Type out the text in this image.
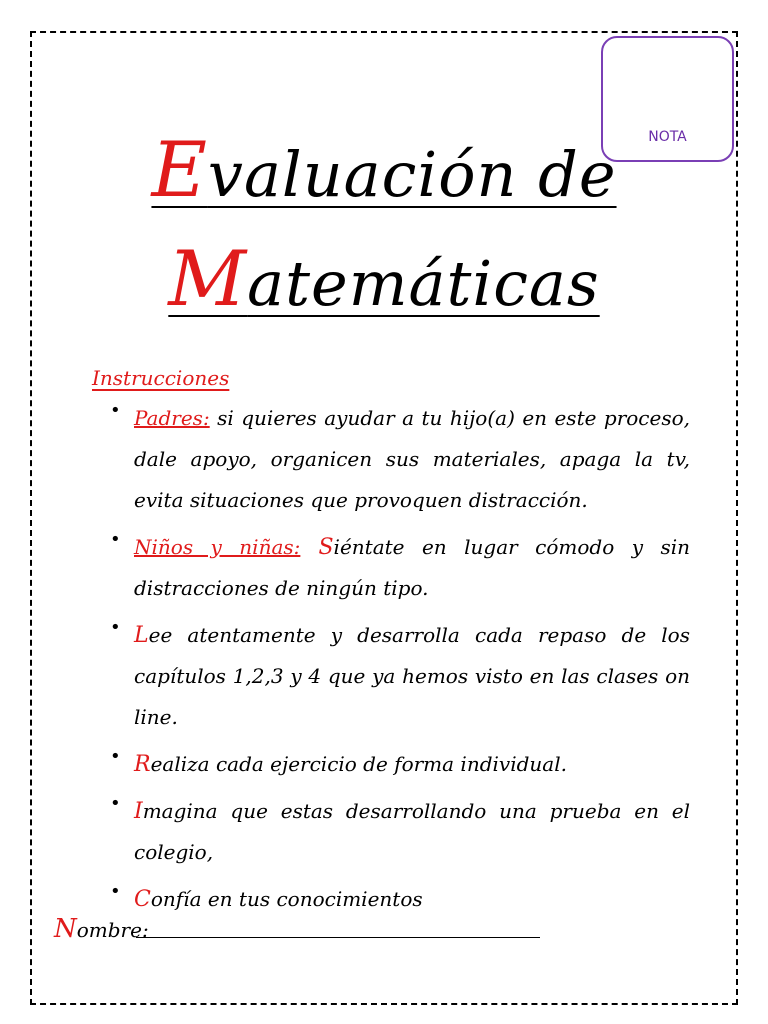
NOTA
Evaluación de
Matemáticas
Instrucciones
• Padres: si quieres ayudar a tu hijo(a) en este proceso, dale apoyo, organicen sus materiales, apaga la tv, evita situaciones que provoquen distracción.
• Niños y niñas: Siéntate en lugar cómodo y sin distracciones de ningún tipo.
• Lee atentamente y desarrolla cada repaso de los capítulos 1,2,3 y 4 que ya hemos visto en las clases on line.
• Realiza cada ejercicio de forma individual.
• Imagina que estas desarrollando una prueba en el colegio,
• Confía en tus conocimientos
Nombre:
